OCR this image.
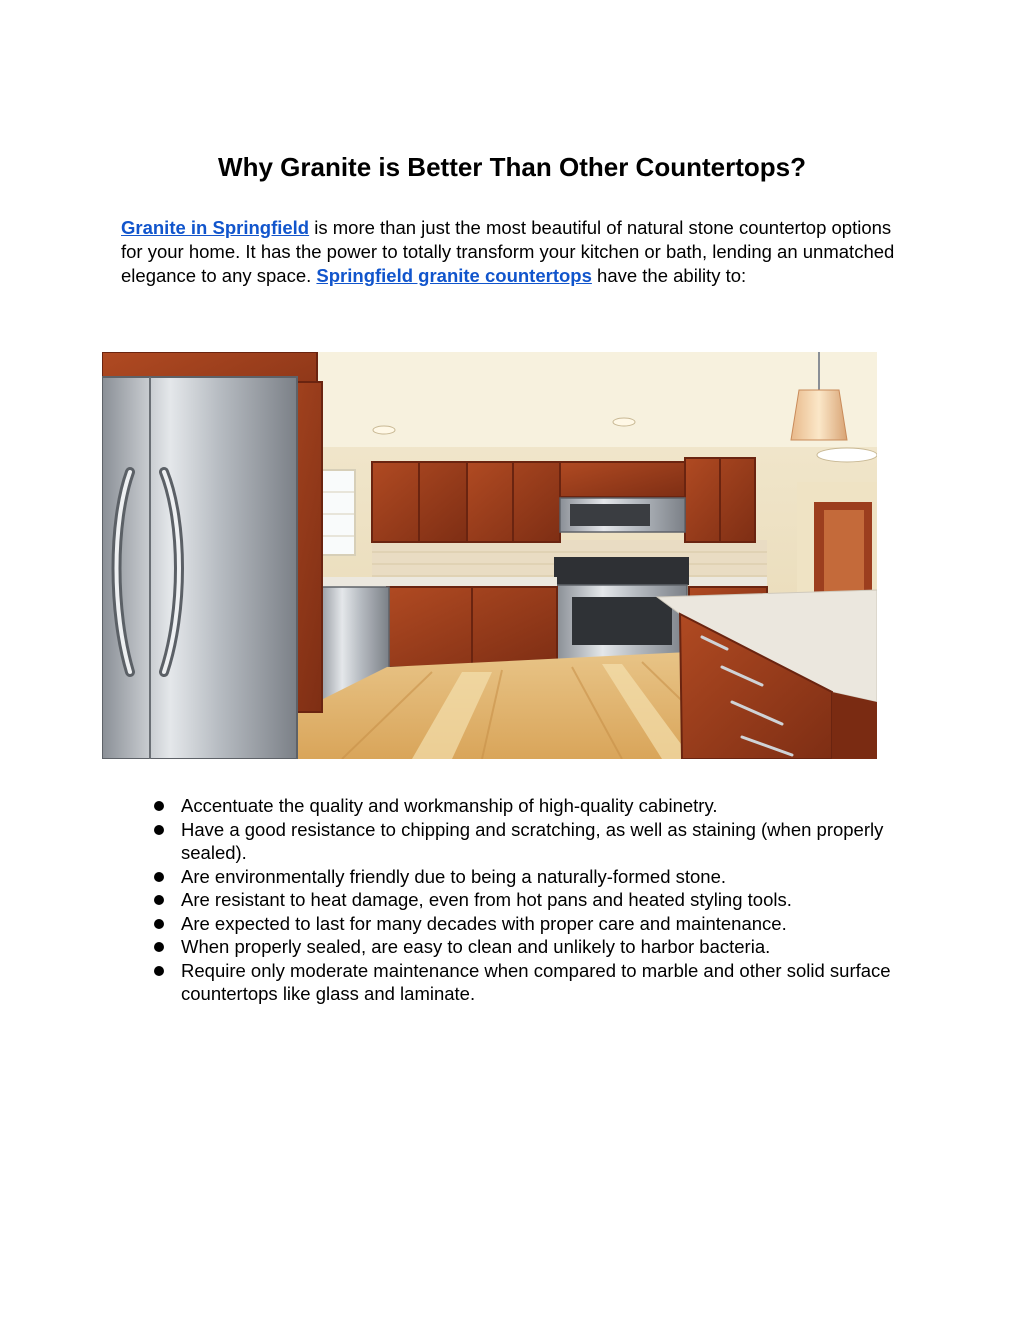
Why Granite is Better Than Other Countertops?

Granite in Springfield is more than just the most beautiful of natural stone countertop options for your home. It has the power to totally transform your kitchen or bath, lending an unmatched elegance to any space. Springfield granite countertops have the ability to:

Accentuate the quality and workmanship of high-quality cabinetry.
Have a good resistance to chipping and scratching, as well as staining (when properly sealed).
Are environmentally friendly due to being a naturally-formed stone.
Are resistant to heat damage, even from hot pans and heated styling tools.
Are expected to last for many decades with proper care and maintenance.
When properly sealed, are easy to clean and unlikely to harbor bacteria.
Require only moderate maintenance when compared to marble and other solid surface countertops like glass and laminate.
